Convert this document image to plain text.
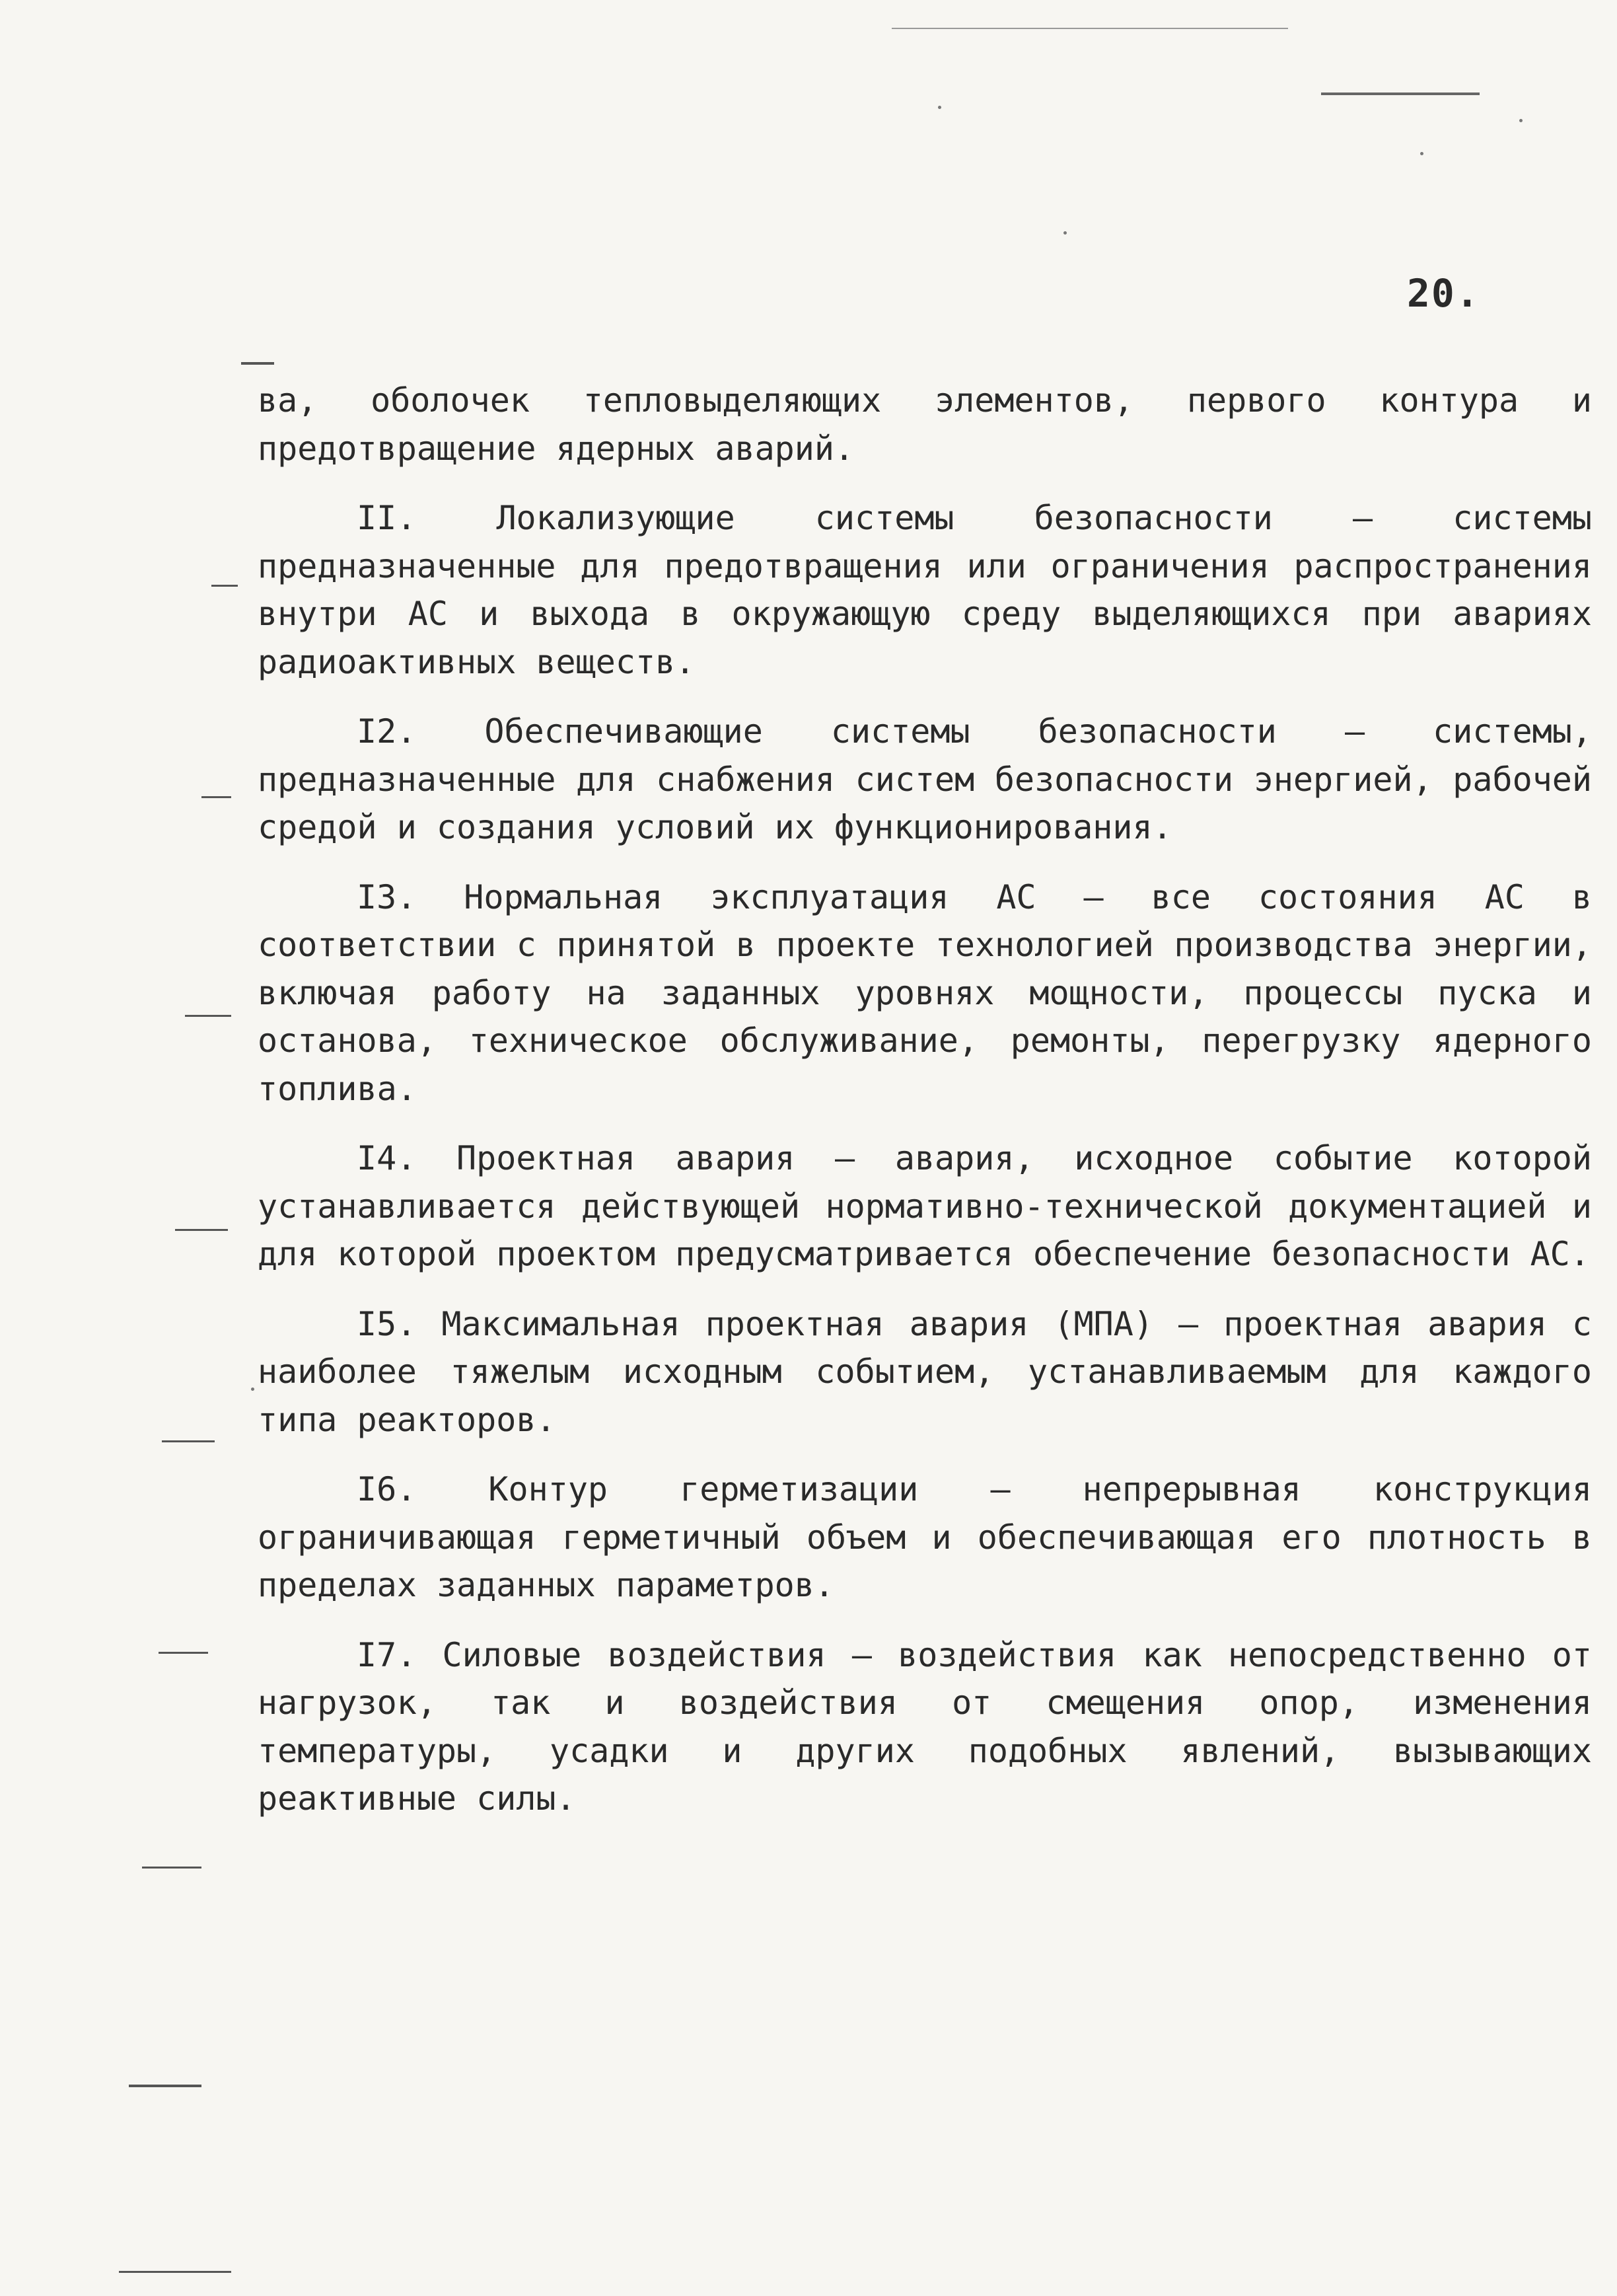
20.

ва, оболочек тепловыделяющих элементов, первого контура и предотвращение ядерных аварий.

II. Локализующие системы безопасности – системы предназначенные для предотвращения или ограничения распространения внутри АС и выхода в окружающую среду выделяющихся при авариях радиоактивных веществ.

I2. Обеспечивающие системы безопасности – системы, предназначенные для снабжения систем безопасности энергией, рабочей средой и создания условий их функционирования.

I3. Нормальная эксплуатация АС – все состояния АС в соответствии с принятой в проекте технологией производства энергии, включая работу на заданных уровнях мощности, процессы пуска и останова, техническое обслуживание, ремонты, перегрузку ядерного топлива.

I4. Проектная авария – авария, исходное событие которой устанавливается действующей нормативно-технической документацией и для которой проектом предусматривается обеспечение безопасности АС.

I5. Максимальная проектная авария (МПА) – проектная авария с наиболее тяжелым исходным событием, устанавливаемым для каждого типа реакторов.

I6. Контур герметизации – непрерывная конструкция ограничивающая герметичный объем и обеспечивающая его плотность в пределах заданных параметров.

I7. Силовые воздействия – воздействия как непосредственно от нагрузок, так и воздействия от смещения опор, изменения температуры, усадки и других подобных явлений, вызывающих реактивные силы.
